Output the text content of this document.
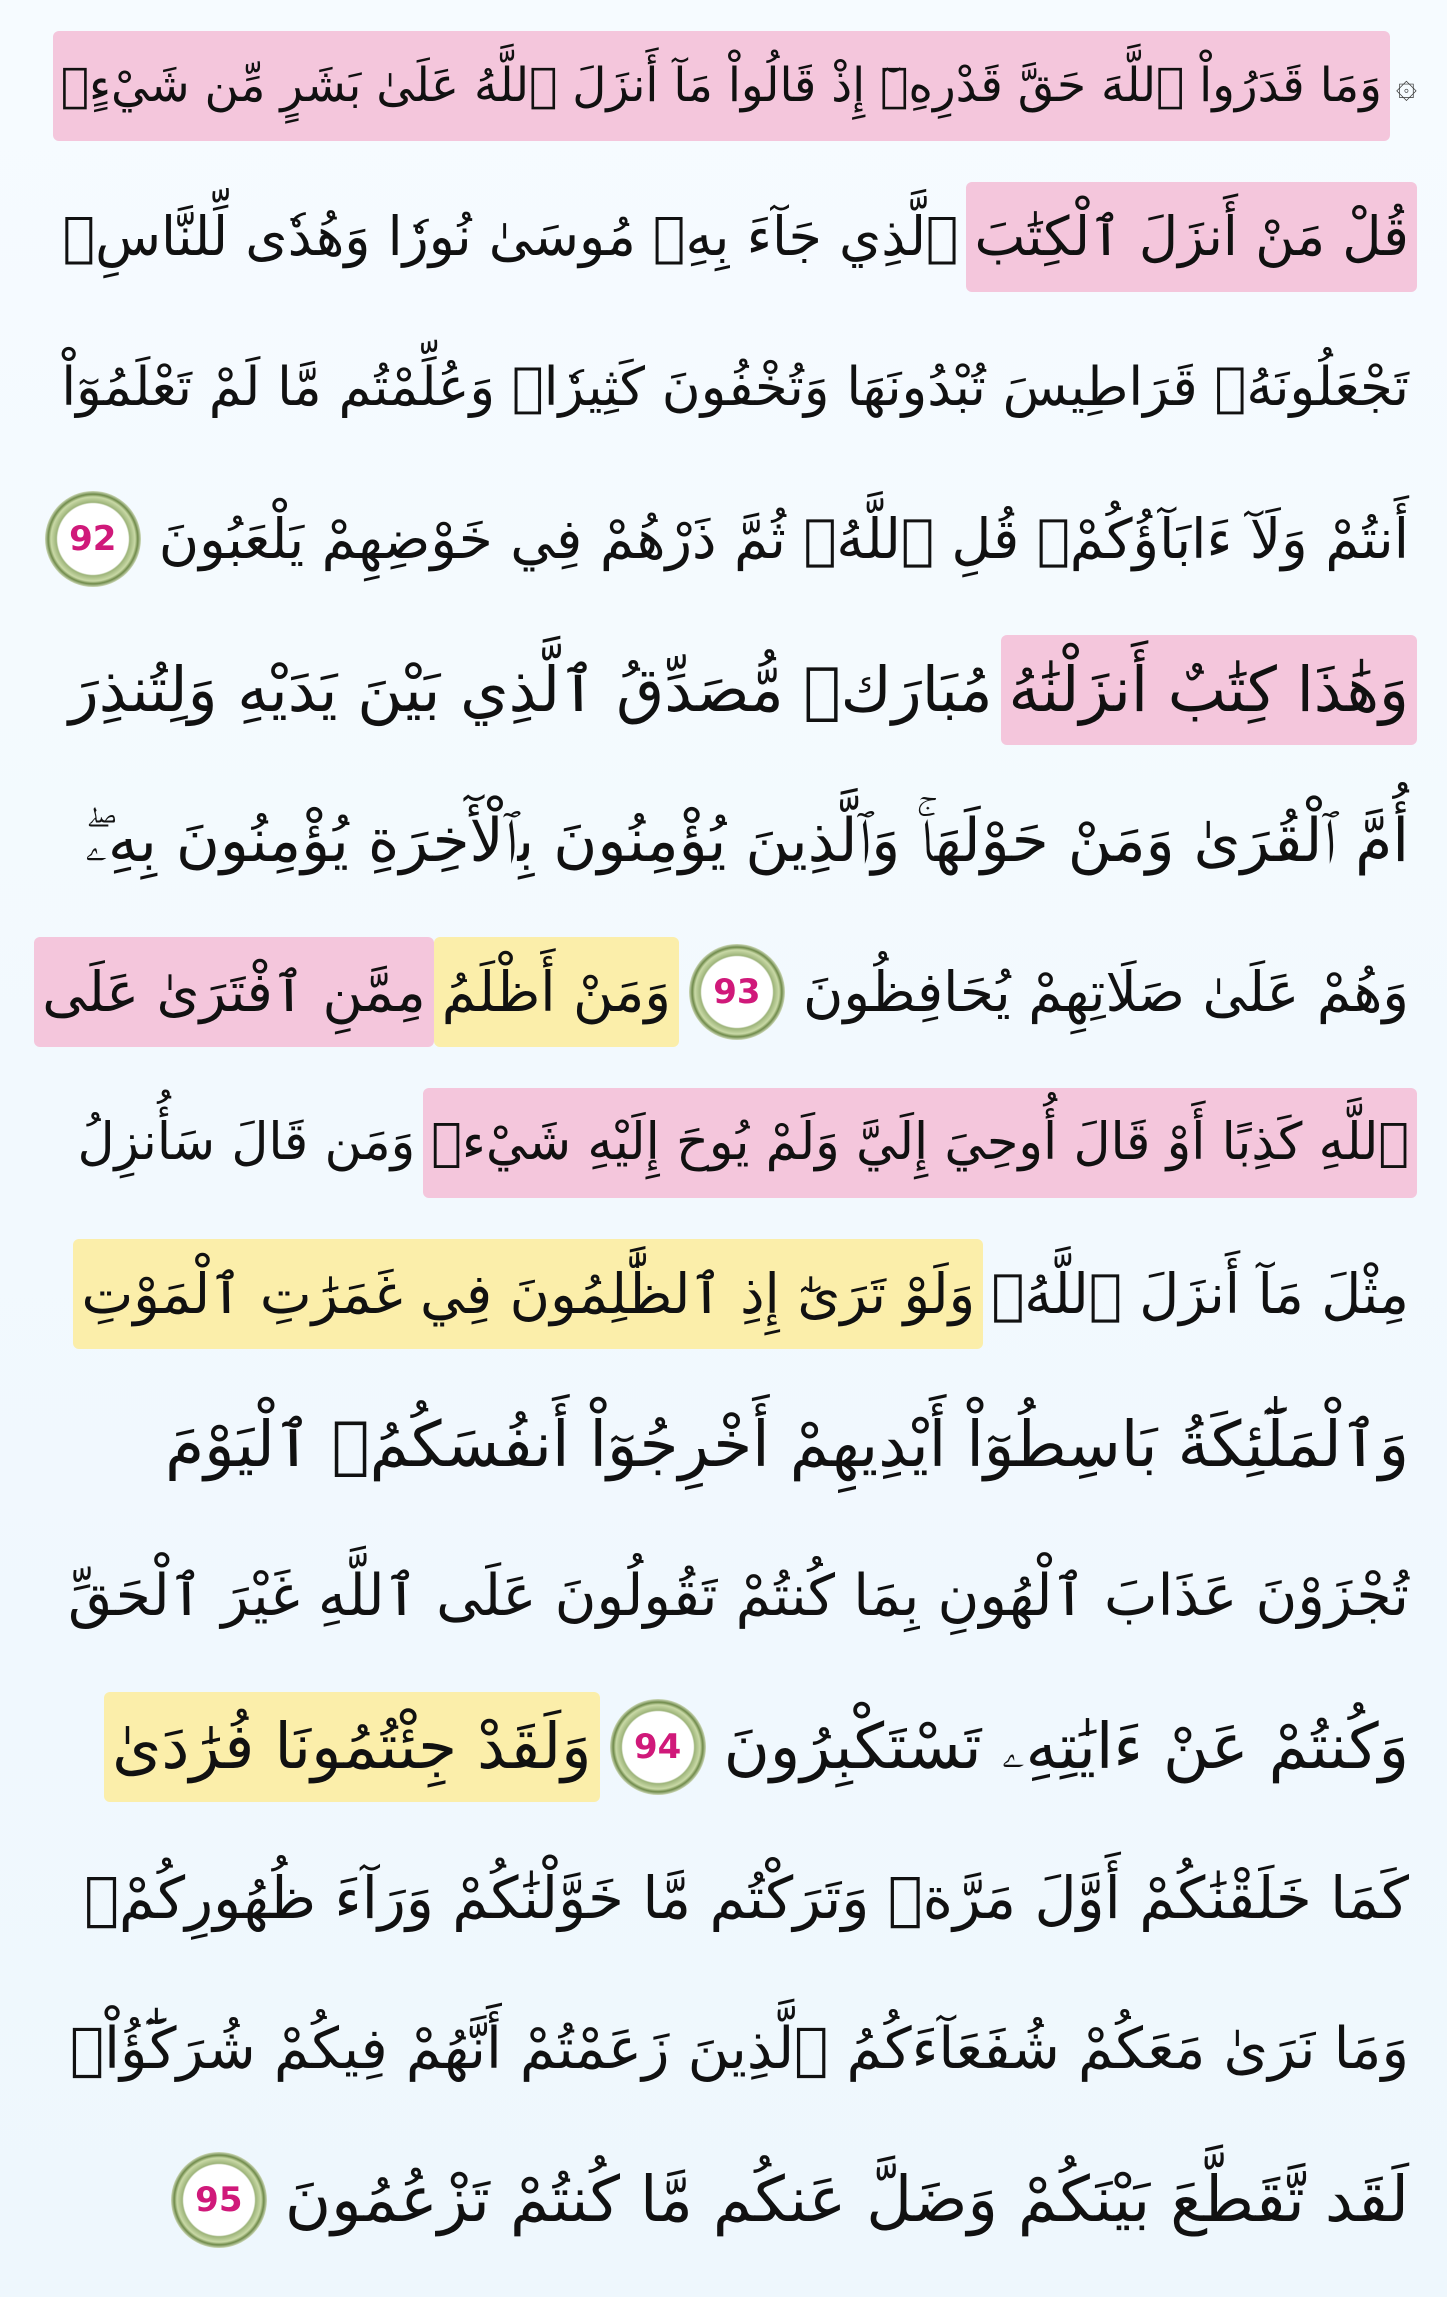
۞
وَمَا قَدَرُواْ ٱللَّهَ حَقَّ قَدْرِهِۦٓ إِذْ قَالُواْ مَآ أَنزَلَ ٱللَّهُ عَلَىٰ بَشَرٍ مِّن شَيْءٍۗ
قُلْ مَنْ أَنزَلَ ٱلْكِتَٰبَ
ٱلَّذِي جَآءَ بِهِۦ مُوسَىٰ نُورٗا وَهُدٗى لِّلنَّاسِۖ
تَجْعَلُونَهُۥ قَرَاطِيسَ تُبْدُونَهَا وَتُخْفُونَ كَثِيرٗاۖ وَعُلِّمْتُم مَّا لَمْ تَعْلَمُوٓاْ
أَنتُمْ وَلَآ ءَابَآؤُكُمْۖ قُلِ ٱللَّهُۖ ثُمَّ ذَرْهُمْ فِي خَوْضِهِمْ يَلْعَبُونَ
92
وَهَٰذَا كِتَٰبٌ أَنزَلْنَٰهُ
مُبَارَكٞ مُّصَدِّقُ ٱلَّذِي بَيْنَ يَدَيْهِ وَلِتُنذِرَ
أُمَّ ٱلْقُرَىٰ وَمَنْ حَوْلَهَاۚ وَٱلَّذِينَ يُؤْمِنُونَ بِٱلْأٓخِرَةِ يُؤْمِنُونَ بِهِۦۖ
وَهُمْ عَلَىٰ صَلَاتِهِمْ يُحَافِظُونَ
93
وَمَنْ أَظْلَمُ
مِمَّنِ ٱفْتَرَىٰ عَلَى
ٱللَّهِ كَذِبًا أَوْ قَالَ أُوحِيَ إِلَيَّ وَلَمْ يُوحَ إِلَيْهِ شَيْءٞ
وَمَن قَالَ سَأُنزِلُ
مِثْلَ مَآ أَنزَلَ ٱللَّهُۗ
وَلَوْ تَرَىٰٓ إِذِ ٱلظَّٰلِمُونَ فِي غَمَرَٰتِ ٱلْمَوْتِ
وَٱلْمَلَٰٓئِكَةُ بَاسِطُوٓاْ أَيْدِيهِمْ أَخْرِجُوٓاْ أَنفُسَكُمُۖ ٱلْيَوْمَ
تُجْزَوْنَ عَذَابَ ٱلْهُونِ بِمَا كُنتُمْ تَقُولُونَ عَلَى ٱللَّهِ غَيْرَ ٱلْحَقِّ
وَكُنتُمْ عَنْ ءَايَٰتِهِۦ تَسْتَكْبِرُونَ
94
وَلَقَدْ جِئْتُمُونَا فُرَٰدَىٰ
كَمَا خَلَقْنَٰكُمْ أَوَّلَ مَرَّةٖ وَتَرَكْتُم مَّا خَوَّلْنَٰكُمْ وَرَآءَ ظُهُورِكُمْۖ
وَمَا نَرَىٰ مَعَكُمْ شُفَعَآءَكُمُ ٱلَّذِينَ زَعَمْتُمْ أَنَّهُمْ فِيكُمْ شُرَكَٰٓؤُاْۚ
لَقَد تَّقَطَّعَ بَيْنَكُمْ وَضَلَّ عَنكُم مَّا كُنتُمْ تَزْعُمُونَ
95
